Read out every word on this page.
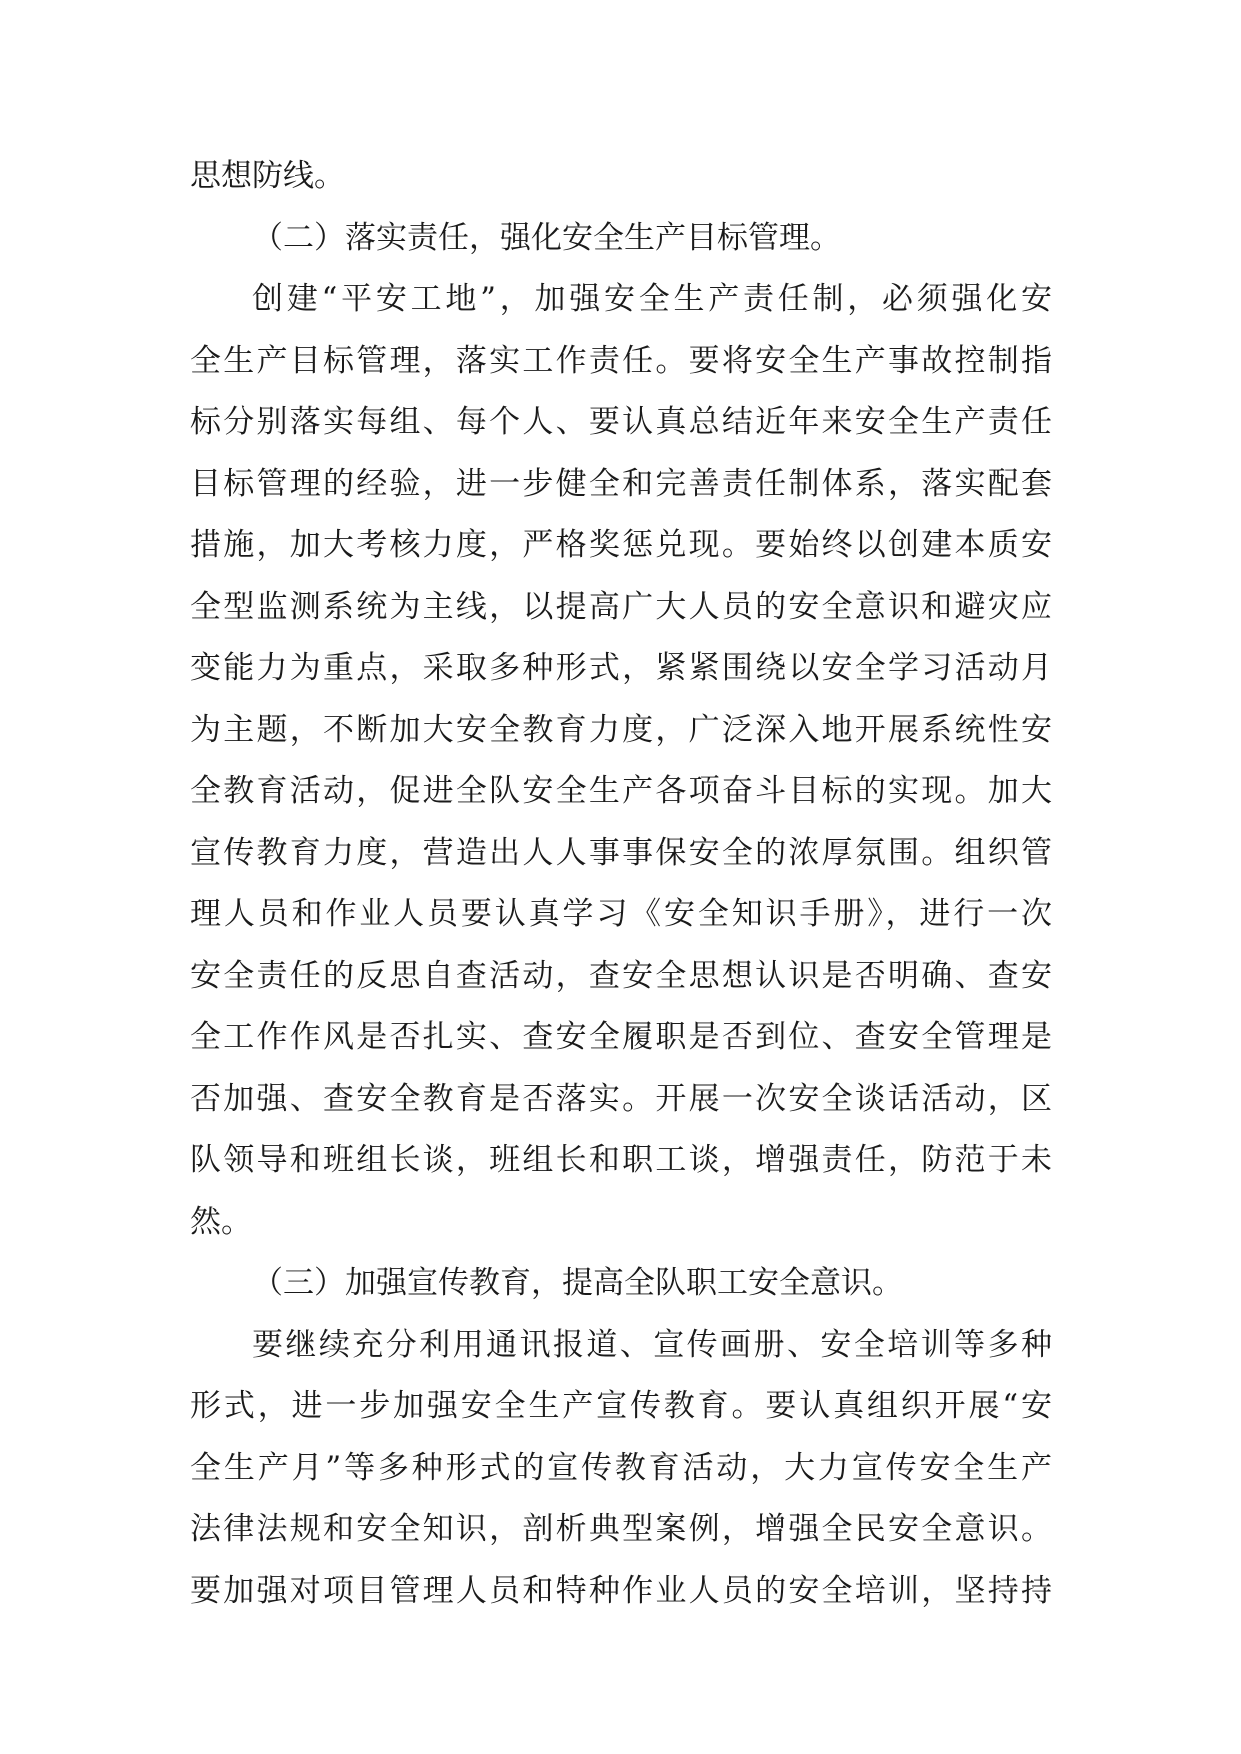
思想防线。
（二）落实责任，强化安全生产目标管理。
创建“平安工地”，加强安全生产责任制，必须强化安
全生产目标管理，落实工作责任。要将安全生产事故控制指
标分别落实每组、每个人、要认真总结近年来安全生产责任
目标管理的经验，进一步健全和完善责任制体系，落实配套
措施，加大考核力度，严格奖惩兑现。要始终以创建本质安
全型监测系统为主线，以提高广大人员的安全意识和避灾应
变能力为重点，采取多种形式，紧紧围绕以安全学习活动月
为主题，不断加大安全教育力度，广泛深入地开展系统性安
全教育活动，促进全队安全生产各项奋斗目标的实现。加大
宣传教育力度，营造出人人事事保安全的浓厚氛围。组织管
理人员和作业人员要认真学习《安全知识手册》，进行一次
安全责任的反思自查活动，查安全思想认识是否明确、查安
全工作作风是否扎实、查安全履职是否到位、查安全管理是
否加强、查安全教育是否落实。开展一次安全谈话活动，区
队领导和班组长谈，班组长和职工谈，增强责任，防范于未
然。
（三）加强宣传教育，提高全队职工安全意识。
要继续充分利用通讯报道、宣传画册、安全培训等多种
形式，进一步加强安全生产宣传教育。要认真组织开展“安
全生产月”等多种形式的宣传教育活动，大力宣传安全生产
法律法规和安全知识，剖析典型案例，增强全民安全意识。
要加强对项目管理人员和特种作业人员的安全培训，坚持持
